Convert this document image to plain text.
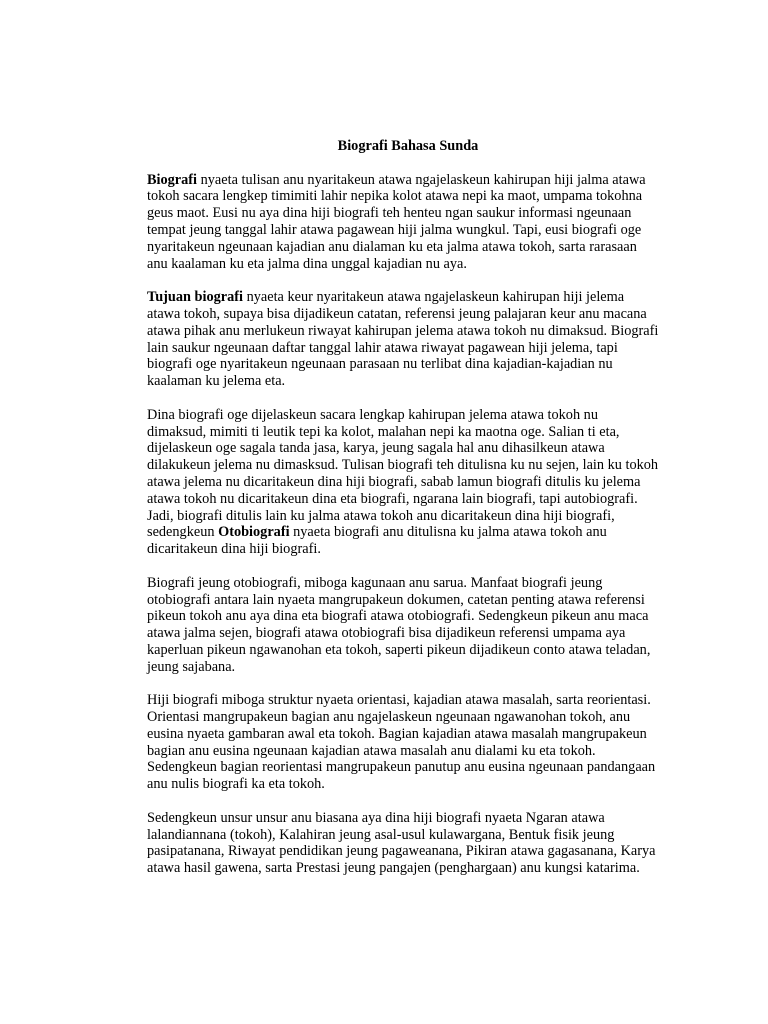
Biografi Bahasa Sunda

Biografi nyaeta tulisan anu nyaritakeun atawa ngajelaskeun kahirupan hiji jalma atawa tokoh sacara lengkep timimiti lahir nepika kolot atawa nepi ka maot, umpama tokohna geus maot. Eusi nu aya dina hiji biografi teh henteu ngan saukur informasi ngeunaan tempat jeung tanggal lahir atawa pagawean hiji jalma wungkul. Tapi, eusi biografi oge nyaritakeun ngeunaan kajadian anu dialaman ku eta jalma atawa tokoh, sarta rarasaan anu kaalaman ku eta jalma dina unggal kajadian nu aya.

Tujuan biografi nyaeta keur nyaritakeun atawa ngajelaskeun kahirupan hiji jelema atawa tokoh, supaya bisa dijadikeun catatan, referensi jeung palajaran keur anu macana atawa pihak anu merlukeun riwayat kahirupan jelema atawa tokoh nu dimaksud. Biografi lain saukur ngeunaan daftar tanggal lahir atawa riwayat pagawean hiji jelema, tapi biografi oge nyaritakeun ngeunaan parasaan nu terlibat dina kajadian-kajadian nu kaalaman ku jelema eta.

Dina biografi oge dijelaskeun sacara lengkap kahirupan jelema atawa tokoh nu dimaksud, mimiti ti leutik tepi ka kolot, malahan nepi ka maotna oge. Salian ti eta, dijelaskeun oge sagala tanda jasa, karya, jeung sagala hal anu dihasilkeun atawa dilakukeun jelema nu dimasksud. Tulisan biografi teh ditulisna ku nu sejen, lain ku tokoh atawa jelema nu dicaritakeun dina hiji biografi, sabab lamun biografi ditulis ku jelema atawa tokoh nu dicaritakeun dina eta biografi, ngarana lain biografi, tapi autobiografi. Jadi, biografi ditulis lain ku jalma atawa tokoh anu dicaritakeun dina hiji biografi, sedengkeun Otobiografi nyaeta biografi anu ditulisna ku jalma atawa tokoh anu dicaritakeun dina hiji biografi.

Biografi jeung otobiografi, miboga kagunaan anu sarua. Manfaat biografi jeung otobiografi antara lain nyaeta mangrupakeun dokumen, catetan penting atawa referensi pikeun tokoh anu aya dina eta biografi atawa otobiografi. Sedengkeun pikeun anu maca atawa jalma sejen, biografi atawa otobiografi bisa dijadikeun referensi umpama aya kaperluan pikeun ngawanohan eta tokoh, saperti pikeun dijadikeun conto atawa teladan, jeung sajabana.

Hiji biografi miboga struktur nyaeta orientasi, kajadian atawa masalah, sarta reorientasi. Orientasi mangrupakeun bagian anu ngajelaskeun ngeunaan ngawanohan tokoh, anu eusina nyaeta gambaran awal eta tokoh. Bagian kajadian atawa masalah mangrupakeun bagian anu eusina ngeunaan kajadian atawa masalah anu dialami ku eta tokoh. Sedengkeun bagian reorientasi mangrupakeun panutup anu eusina ngeunaan pandangaan anu nulis biografi ka eta tokoh.

Sedengkeun unsur unsur anu biasana aya dina hiji biografi nyaeta Ngaran atawa lalandiannana (tokoh), Kalahiran jeung asal-usul kulawargana, Bentuk fisik jeung pasipatanana, Riwayat pendidikan jeung pagaweanana, Pikiran atawa gagasanana, Karya atawa hasil gawena, sarta Prestasi jeung pangajen (penghargaan) anu kungsi katarima.
